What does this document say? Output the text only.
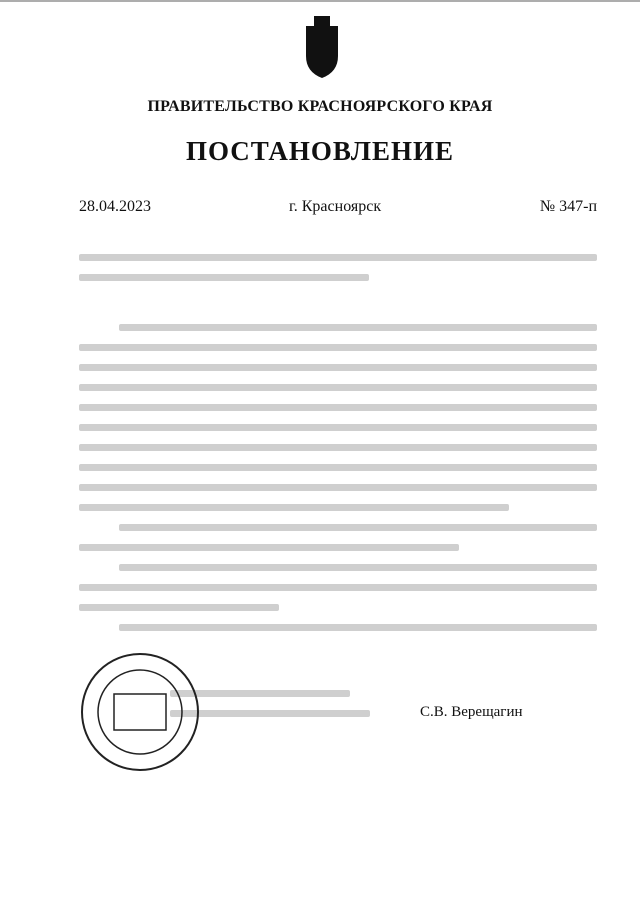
ПРАВИТЕЛЬСТВО КРАСНОЯРСКОГО КРАЯ
ПОСТАНОВЛЕНИЕ
28.04.2023	г. Красноярск	№ 347-п
С.В. Верещагин
